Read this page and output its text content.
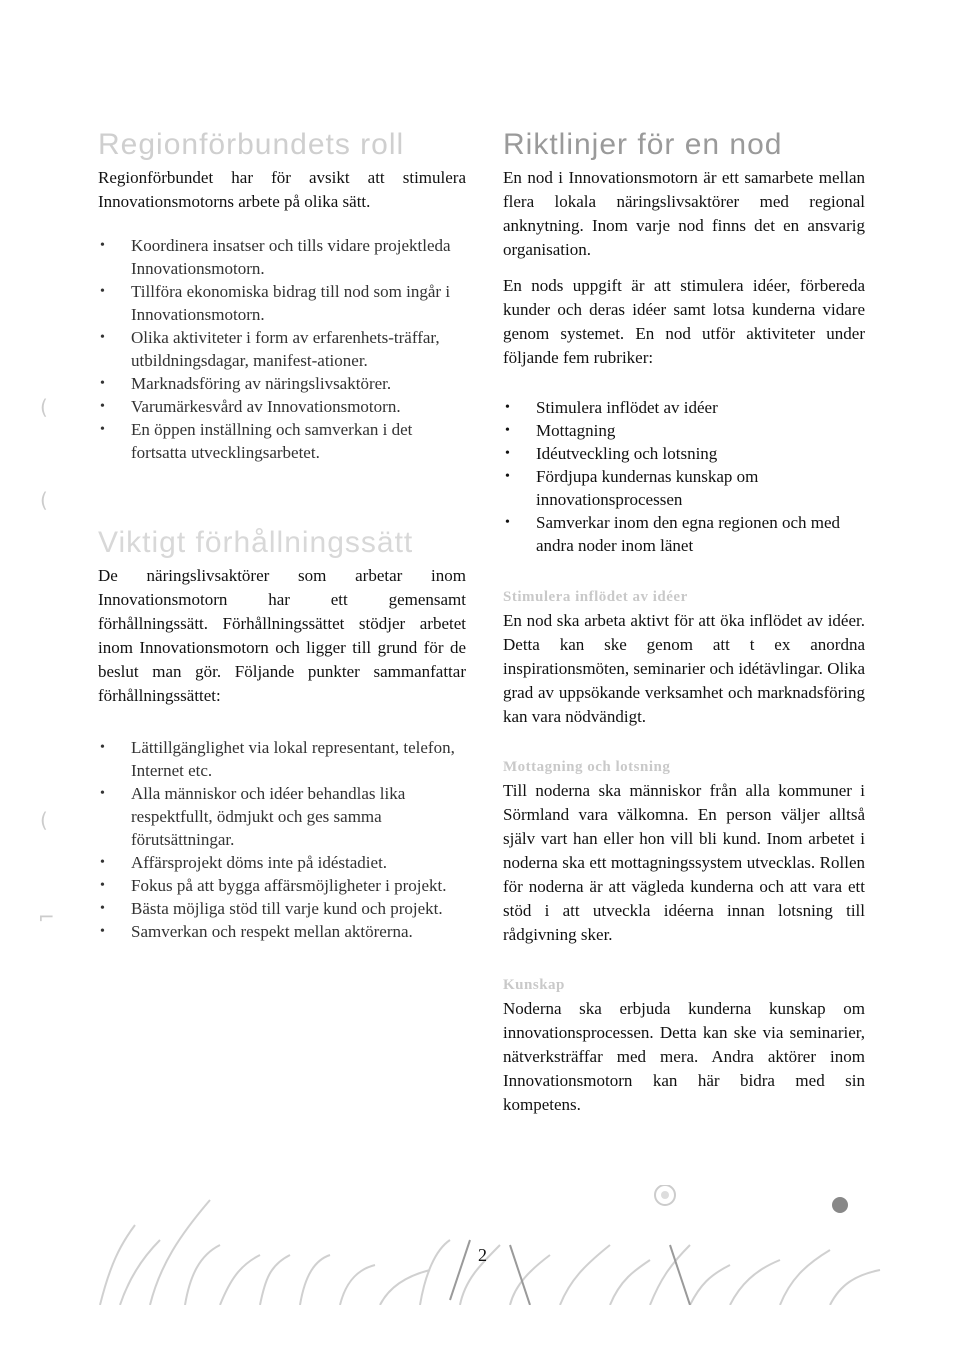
(
(
(
⌐
Regionförbundets roll

Regionförbundet har för avsikt att stimulera Innovationsmotorns arbete på olika sätt.

• Koordinera insatser och tills vidare projektleda Innovationsmotorn.
• Tillföra ekonomiska bidrag till nod som ingår i Innovationsmotorn.
• Olika aktiviteter i form av erfarenhets-träffar, utbildningsdagar, manifest-ationer.
• Marknadsföring av näringslivsaktörer.
• Varumärkesvård av Innovationsmotorn.
• En öppen inställning och samverkan i det fortsatta utvecklingsarbetet.
Viktigt förhållningssätt

De näringslivsaktörer som arbetar inom Innovationsmotorn har ett gemensamt förhållningssätt. Förhållningssättet stödjer arbetet inom Innovationsmotorn och ligger till grund för de beslut man gör. Följande punkter sammanfattar förhållningssättet:

• Lättillgänglighet via lokal representant, telefon, Internet etc.
• Alla människor och idéer behandlas lika respektfullt, ödmjukt och ges samma förutsättningar.
• Affärsprojekt döms inte på idéstadiet.
• Fokus på att bygga affärsmöjligheter i projekt.
• Bästa möjliga stöd till varje kund och projekt.
• Samverkan och respekt mellan aktörerna.
Riktlinjer för en nod

En nod i Innovationsmotorn är ett samarbete mellan flera lokala näringslivsaktörer med regional anknytning. Inom varje nod finns det en ansvarig organisation.

En nods uppgift är att stimulera idéer, förbereda kunder och deras idéer samt lotsa kunderna vidare genom systemet. En nod utför aktiviteter under följande fem rubriker:

• Stimulera inflödet av idéer
• Mottagning
• Idéutveckling och lotsning
• Fördjupa kundernas kunskap om innovationsprocessen
• Samverkar inom den egna regionen och med andra noder inom länet
Stimulera inflödet av idéer

En nod ska arbeta aktivt för att öka inflödet av idéer. Detta kan ske genom att t ex anordna inspirationsmöten, seminarier och idétävlingar. Olika grad av uppsökande verksamhet och marknadsföring kan vara nödvändigt.

Mottagning och lotsning

Till noderna ska människor från alla kommuner i Sörmland vara välkomna. En person väljer alltså själv vart han eller hon vill bli kund. Inom arbetet i noderna ska ett mottagningssystem utvecklas. Rollen för noderna är att vägleda kunderna och att vara ett stöd i att utveckla idéerna innan lotsning till rådgivning sker.

Kunskap

Noderna ska erbjuda kunderna kunskap om innovationsprocessen. Detta kan ske via seminarier, nätverksträffar med mera. Andra aktörer inom Innovationsmotorn kan här bidra med sin kompetens.

2
